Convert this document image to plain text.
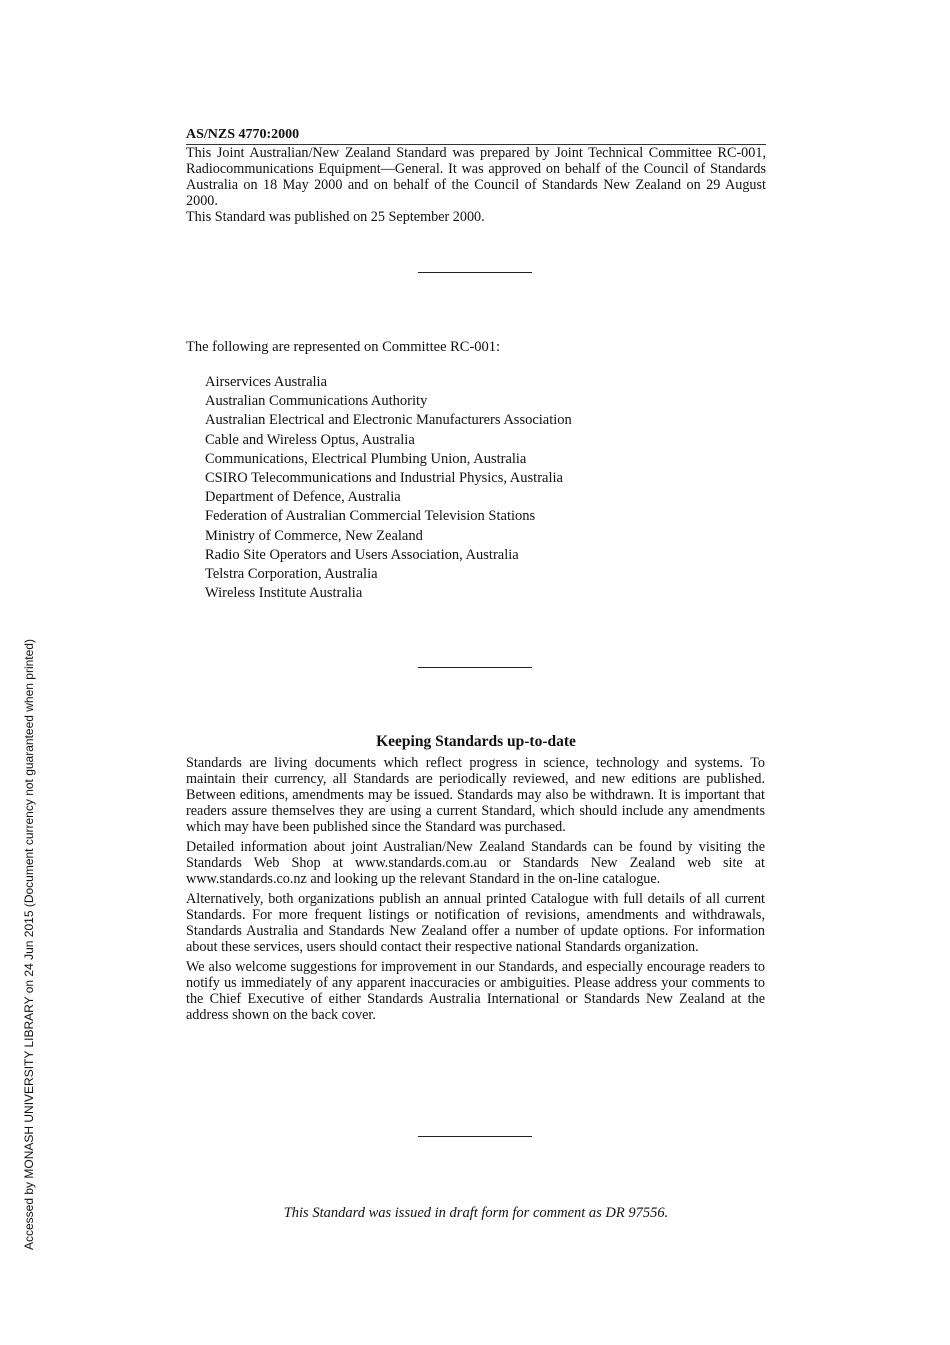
AS/NZS 4770:2000

This Joint Australian/New Zealand Standard was prepared by Joint Technical Committee RC-001, Radiocommunications Equipment—General. It was approved on behalf of the Council of Standards Australia on 18 May 2000 and on behalf of the Council of Standards New Zealand on 29 August 2000.

This Standard was published on 25 September 2000.

The following are represented on Committee RC-001:

Airservices Australia
Australian Communications Authority
Australian Electrical and Electronic Manufacturers Association
Cable and Wireless Optus, Australia
Communications, Electrical Plumbing Union, Australia
CSIRO Telecommunications and Industrial Physics, Australia
Department of Defence, Australia
Federation of Australian Commercial Television Stations
Ministry of Commerce, New Zealand
Radio Site Operators and Users Association, Australia
Telstra Corporation, Australia
Wireless Institute Australia
Keeping Standards up-to-date

Standards are living documents which reflect progress in science, technology and systems. To maintain their currency, all Standards are periodically reviewed, and new editions are published. Between editions, amendments may be issued. Standards may also be withdrawn. It is important that readers assure themselves they are using a current Standard, which should include any amendments which may have been published since the Standard was purchased.

Detailed information about joint Australian/New Zealand Standards can be found by visiting the Standards Web Shop at www.standards.com.au or Standards New Zealand web site at www.standards.co.nz and looking up the relevant Standard in the on-line catalogue.

Alternatively, both organizations publish an annual printed Catalogue with full details of all current Standards. For more frequent listings or notification of revisions, amendments and withdrawals, Standards Australia and Standards New Zealand offer a number of update options. For information about these services, users should contact their respective national Standards organization.

We also welcome suggestions for improvement in our Standards, and especially encourage readers to notify us immediately of any apparent inaccuracies or ambiguities. Please address your comments to the Chief Executive of either Standards Australia International or Standards New Zealand at the address shown on the back cover.

This Standard was issued in draft form for comment as DR 97556.

Accessed by MONASH UNIVERSITY LIBRARY on 24 Jun 2015 (Document currency not guaranteed when printed)
